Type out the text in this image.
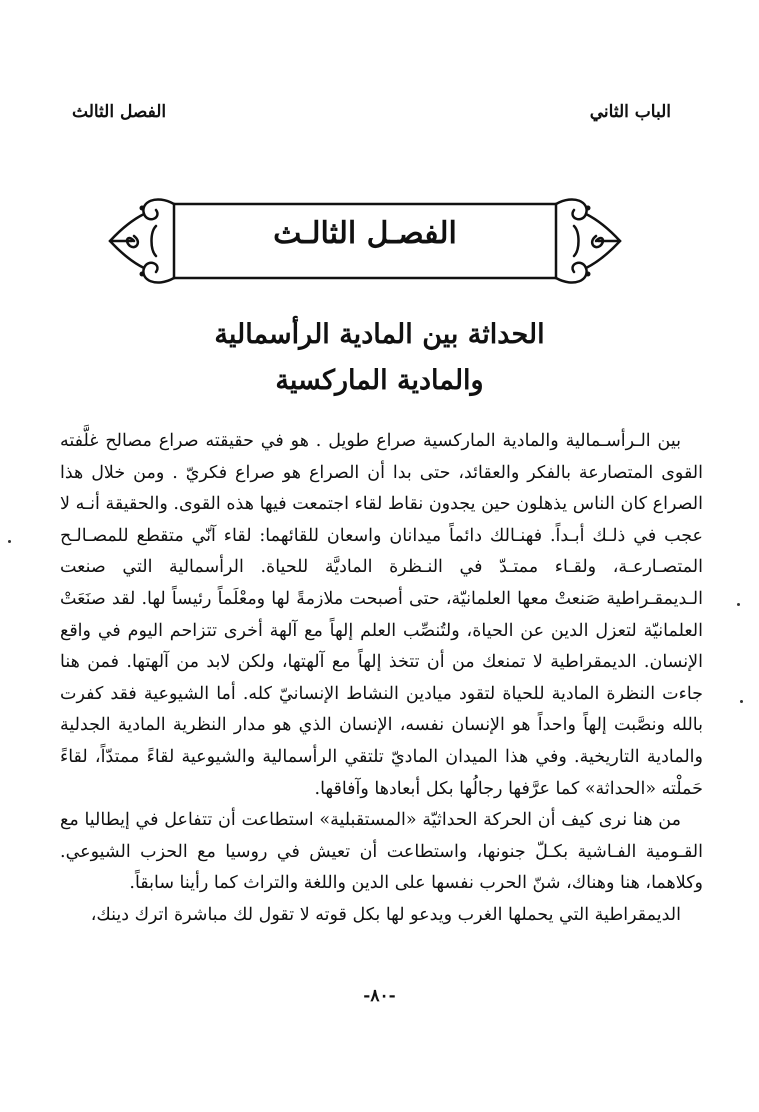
الباب الثاني
الفصل الثالث
الفصـل الثالـث
الحداثة بين المادية الرأسمالية
والمادية الماركسية

بين الـرأسـمالية والمادية الماركسية صراع طويل . هو في حقيقته صراع مصالح غلَّفته القوى المتصارعة بالفكر والعقائد، حتى بدا أن الصراع هو صراع فكريّ . ومن خلال هذا الصراع كان الناس يذهلون حين يجدون نقاط لقاء اجتمعت فيها هذه القوى. والحقيقة أنـه لا عجب في ذلـك أبـداً. فهنـالك دائماً ميدانان واسعان للقائهما: لقاء آنّي متقطع للمصـالـح المتصـارعـة، ولقـاء ممتـدّ في النـظرة الماديَّة للحياة. الرأسمالية التي صنعت الـديمقـراطية صَنعتْ معها العلمانيّة، حتى أصبحت ملازمةً لها ومعْلَماً رئيساً لها. لقد صنَعَتْ العلمانيّة لتعزل الدين عن الحياة، ولتُنصِّب العلم إلهاً مع آلهة أخرى تتزاحم اليوم في واقع الإنسان. الديمقراطية لا تمنعك من أن تتخذ إلهاً مع آلهتها، ولكن لابد من آلهتها. فمن هنا جاءت النظرة المادية للحياة لتقود ميادين النشاط الإنسانيّ كله. أما الشيوعية فقد كفرت بالله ونصَّبت إلهاً واحداً هو الإنسان نفسه، الإنسان الذي هو مدار النظرية المادية الجدلية والمادية التاريخية. وفي هذا الميدان الماديّ تلتقي الرأسمالية والشيوعية لقاءً ممتدّاً، لقاءً حَملْته «الحداثة» كما عرَّفها رجالُها بكل أبعادها وآفاقها.

من هنا نرى كيف أن الحركة الحداثيّة «المستقبلية» استطاعت أن تتفاعل في إيطاليا مع القـومية الفـاشية بكـلّ جنونها، واستطاعت أن تعيش في روسيا مع الحزب الشيوعي. وكلاهما، هنا وهناك، شنّ الحرب نفسها على الدين واللغة والتراث كما رأينا سابقاً.

الديمقراطية التي يحملها الغرب ويدعو لها بكل قوته لا تقول لك مباشرة اترك دينك،

-٨٠-
